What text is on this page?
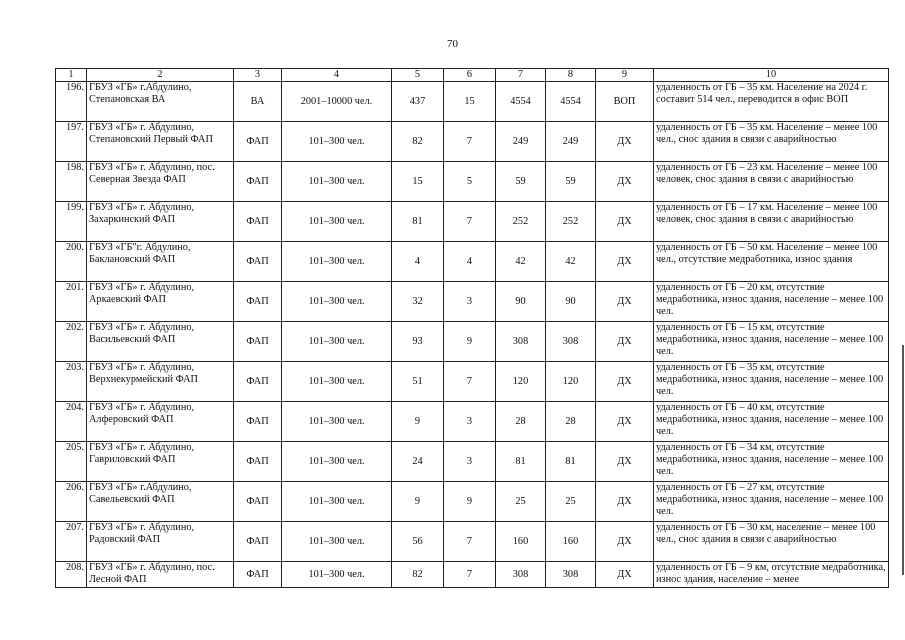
70
1	2	3	4	5	6	7	8	9	10
196.	ГБУЗ «ГБ» г.Абдулино, Степановская ВА	ВА	2001–10000 чел.	437	15	4554	4554	ВОП	удаленность от ГБ – 35 км. Население на 2024 г. составит 514 чел., переводится в офис ВОП
197.	ГБУЗ «ГБ» г. Абдулино, Степановский Первый ФАП	ФАП	101–300 чел.	82	7	249	249	ДХ	удаленность от ГБ – 35 км. Население – менее 100 чел., снос здания в связи с аварийностью
198.	ГБУЗ «ГБ» г. Абдулино, пос. Северная Звезда ФАП	ФАП	101–300 чел.	15	5	59	59	ДХ	удаленность от ГБ – 23 км. Население – менее 100 человек, снос здания в связи с аварийностью
199.	ГБУЗ «ГБ» г. Абдулино, Захаркинский ФАП	ФАП	101–300 чел.	81	7	252	252	ДХ	удаленность от ГБ – 17 км. Население – менее 100 человек, снос здания в связи с аварийностью
200.	ГБУЗ «ГБ"г. Абдулино, Баклановский ФАП	ФАП	101–300 чел.	4	4	42	42	ДХ	удаленность от ГБ – 50 км. Население – менее 100 чел., отсутствие медработника, износ здания
201.	ГБУЗ «ГБ» г. Абдулино, Аркаевский ФАП	ФАП	101–300 чел.	32	3	90	90	ДХ	удаленность от ГБ – 20 км, отсутствие медработника, износ здания, население – менее 100 чел.
202.	ГБУЗ «ГБ» г. Абдулино, Васильевский ФАП	ФАП	101–300 чел.	93	9	308	308	ДХ	удаленность от ГБ – 15 км, отсутствие медработника, износ здания, население – менее 100 чел.
203.	ГБУЗ «ГБ» г. Абдулино, Верхнекурмейский ФАП	ФАП	101–300 чел.	51	7	120	120	ДХ	удаленность от ГБ – 35 км, отсутствие медработника, износ здания, население – менее 100 чел.
204.	ГБУЗ «ГБ» г. Абдулино, Алферовский ФАП	ФАП	101–300 чел.	9	3	28	28	ДХ	удаленность от ГБ – 40 км, отсутствие медработника, износ здания, население – менее 100 чел.
205.	ГБУЗ «ГБ» г. Абдулино, Гавриловский ФАП	ФАП	101–300 чел.	24	3	81	81	ДХ	удаленность от ГБ – 34 км, отсутствие медработника, износ здания, население – менее 100 чел.
206.	ГБУЗ «ГБ» г.Абдулино, Савельевский ФАП	ФАП	101–300 чел.	9	9	25	25	ДХ	удаленность от ГБ – 27 км, отсутствие медработника, износ здания, население – менее 100 чел.
207.	ГБУЗ «ГБ» г. Абдулино, Радовский ФАП	ФАП	101–300 чел.	56	7	160	160	ДХ	удаленность от ГБ – 30 км, население – менее 100 чел., снос здания в связи с аварийностью
208.	ГБУЗ «ГБ» г. Абдулино, пос. Лесной ФАП	ФАП	101–300 чел.	82	7	308	308	ДХ	удаленность от ГБ – 9 км, отсутствие медработника, износ здания, население – менее
